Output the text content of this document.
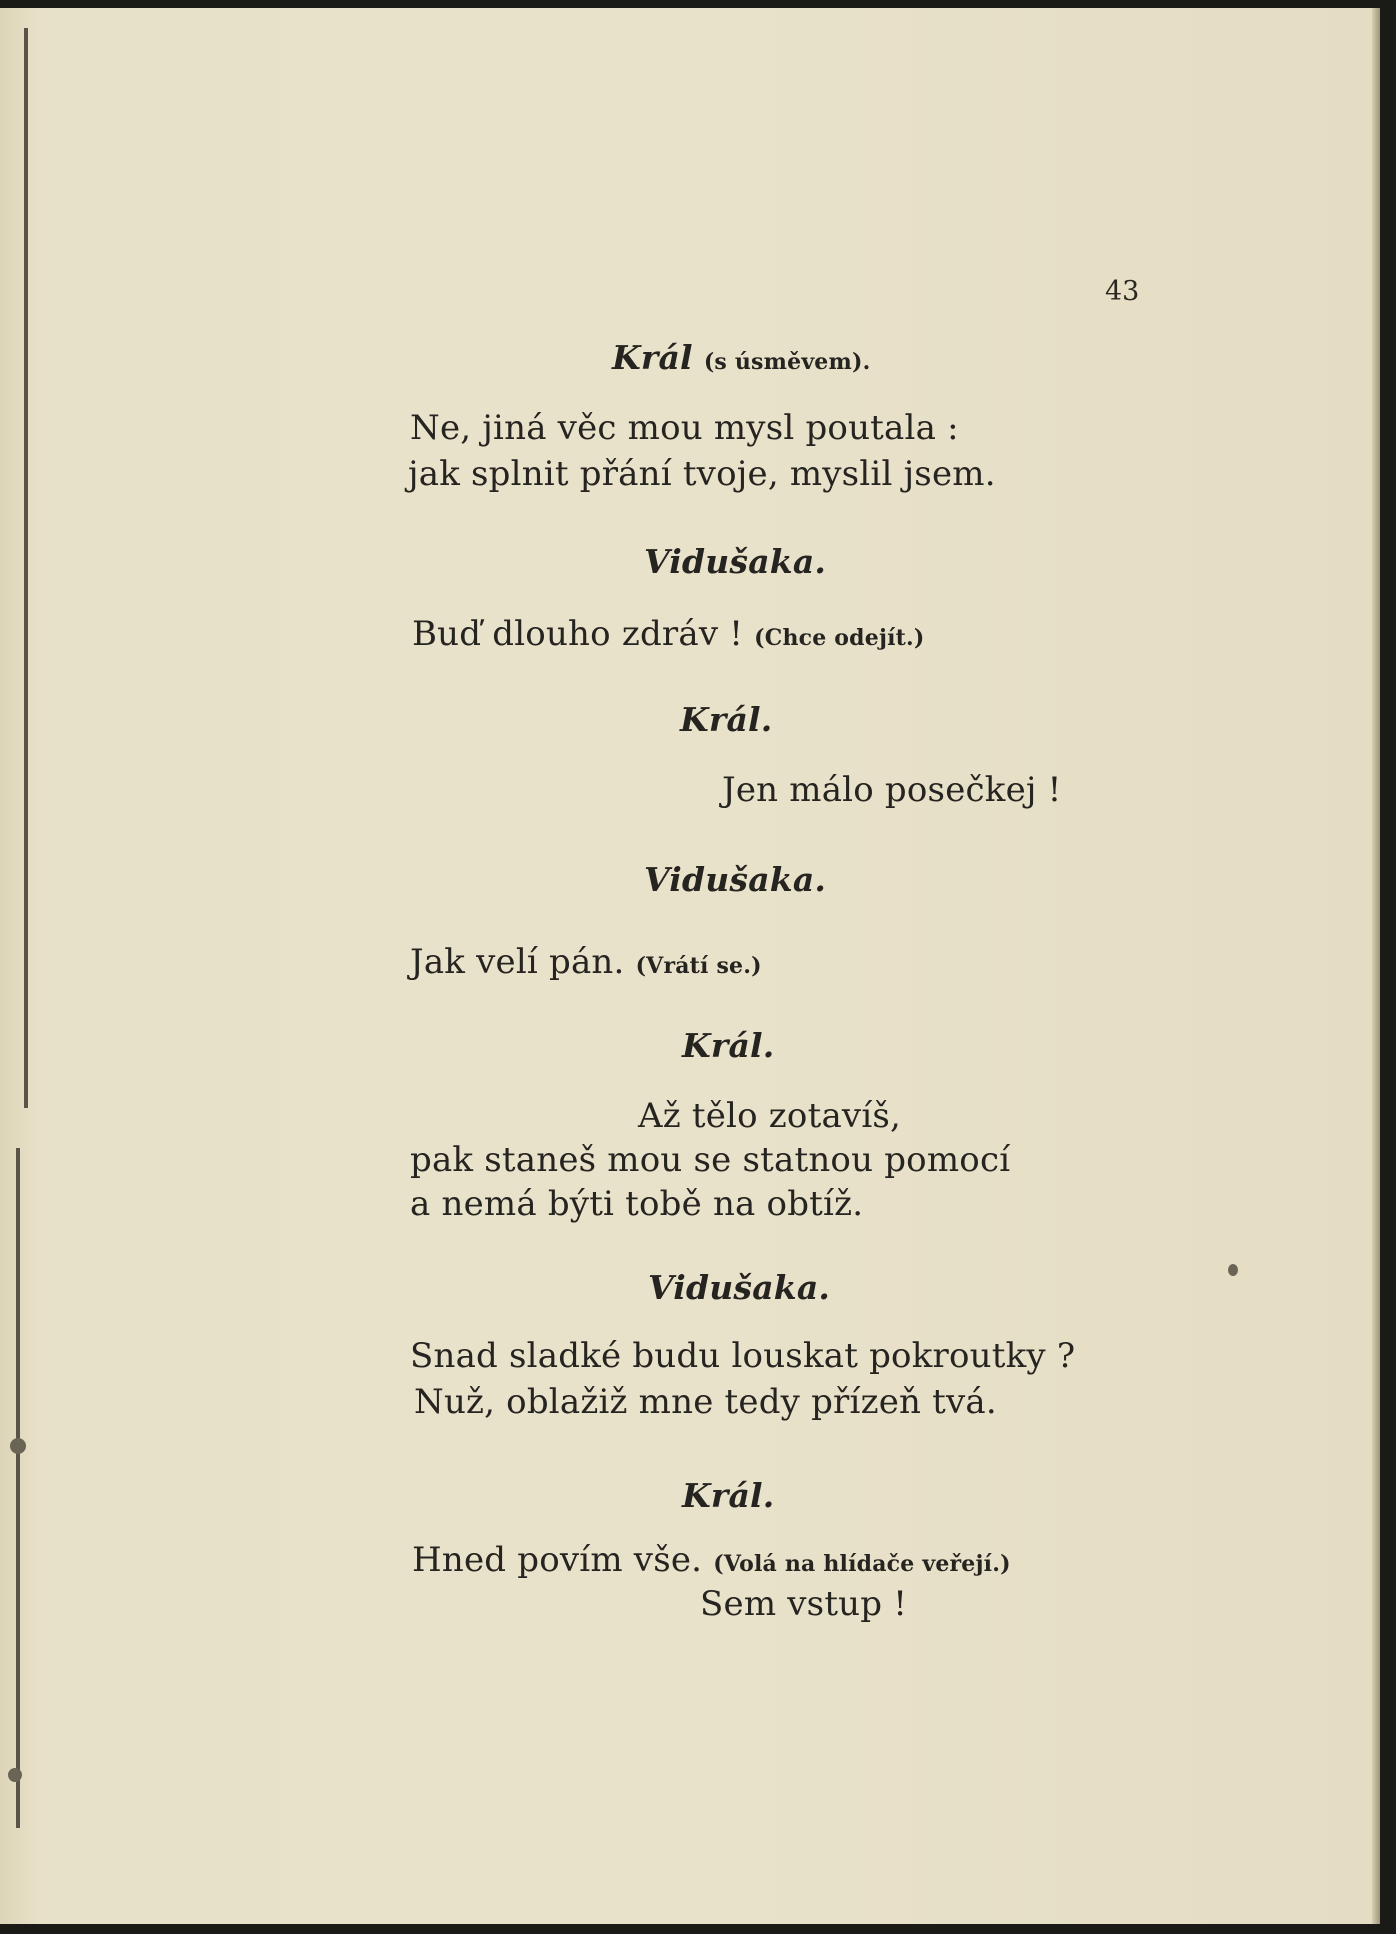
43
Král (s úsměvem).
Ne, jiná věc mou mysl poutala :
jak splnit přání tvoje, myslil jsem.
Vidušaka.
Buď dlouho zdráv ! (Chce odejít.)
Král.
Jen málo posečkej !
Vidušaka.
Jak velí pán. (Vrátí se.)
Král.
Až tělo zotavíš,
pak staneš mou se statnou pomocí
a nemá býti tobě na obtíž.
Vidušaka.
Snad sladké budu louskat pokroutky ?
Nuž, oblažiž mne tedy přízeň tvá.
Král.
Hned povím vše. (Volá na hlídače veřejí.)
Sem vstup !
